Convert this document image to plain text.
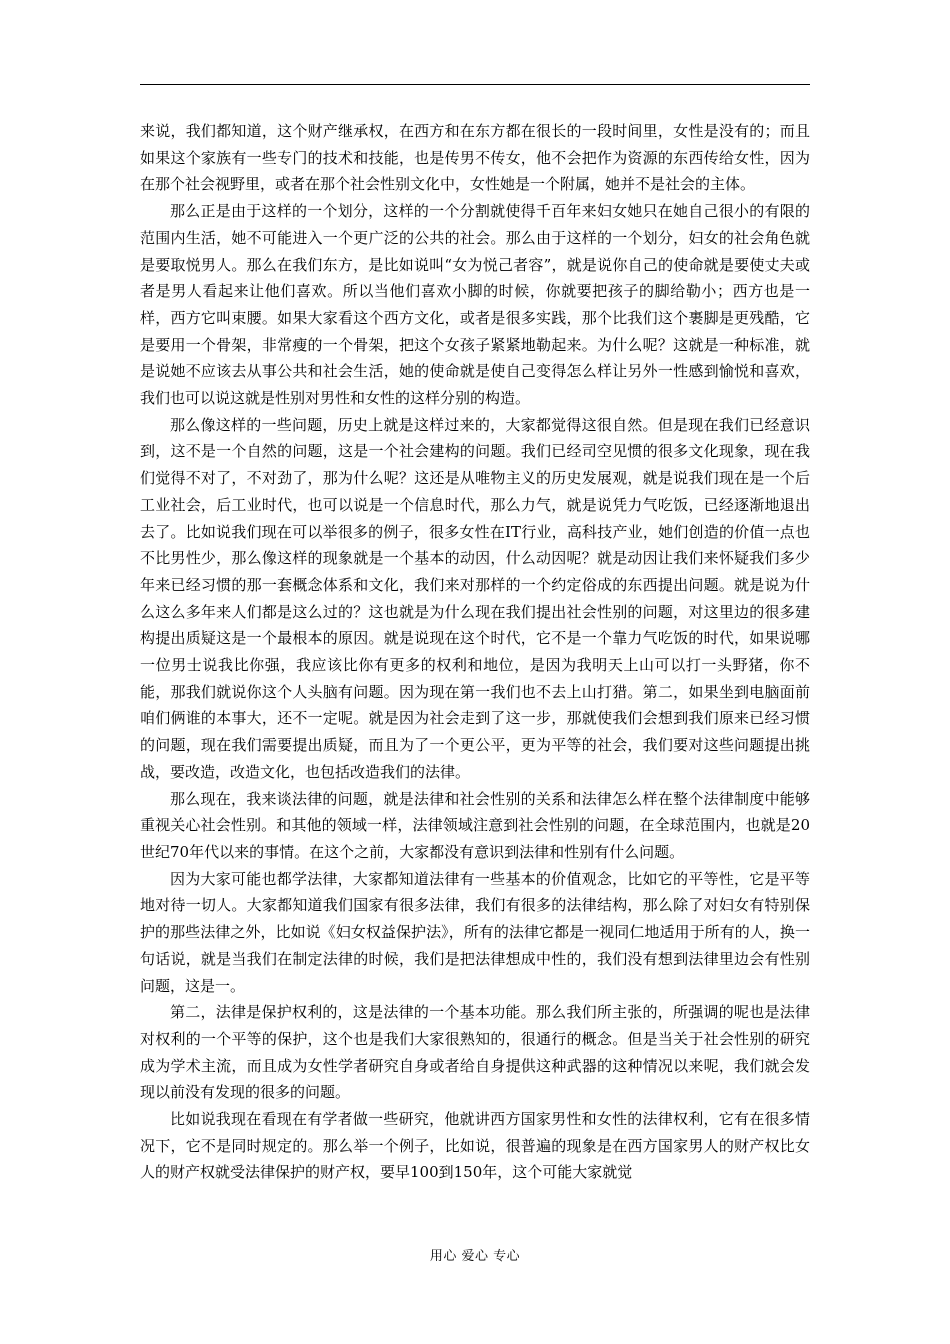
来说，我们都知道，这个财产继承权，在西方和在东方都在很长的一段时间里，女性是没有的；而且如果这个家族有一些专门的技术和技能，也是传男不传女，他不会把作为资源的东西传给女性，因为在那个社会视野里，或者在那个社会性别文化中，女性她是一个附属，她并不是社会的主体。

那么正是由于这样的一个划分，这样的一个分割就使得千百年来妇女她只在她自己很小的有限的范围内生活，她不可能进入一个更广泛的公共的社会。那么由于这样的一个划分，妇女的社会角色就是要取悦男人。那么在我们东方，是比如说叫“女为悦己者容”，就是说你自己的使命就是要使丈夫或者是男人看起来让他们喜欢。所以当他们喜欢小脚的时候，你就要把孩子的脚给勒小；西方也是一样，西方它叫束腰。如果大家看这个西方文化，或者是很多实践，那个比我们这个裹脚是更残酷，它是要用一个骨架，非常瘦的一个骨架，把这个女孩子紧紧地勒起来。为什么呢？这就是一种标准，就是说她不应该去从事公共和社会生活，她的使命就是使自己变得怎么样让另外一性感到愉悦和喜欢，我们也可以说这就是性别对男性和女性的这样分别的构造。

那么像这样的一些问题，历史上就是这样过来的，大家都觉得这很自然。但是现在我们已经意识到，这不是一个自然的问题，这是一个社会建构的问题。我们已经司空见惯的很多文化现象，现在我们觉得不对了，不对劲了，那为什么呢？这还是从唯物主义的历史发展观，就是说我们现在是一个后工业社会，后工业时代，也可以说是一个信息时代，那么力气，就是说凭力气吃饭，已经逐渐地退出去了。比如说我们现在可以举很多的例子，很多女性在IT行业，高科技产业，她们创造的价值一点也不比男性少，那么像这样的现象就是一个基本的动因，什么动因呢？就是动因让我们来怀疑我们多少年来已经习惯的那一套概念体系和文化，我们来对那样的一个约定俗成的东西提出问题。就是说为什么这么多年来人们都是这么过的？这也就是为什么现在我们提出社会性别的问题，对这里边的很多建构提出质疑这是一个最根本的原因。就是说现在这个时代，它不是一个靠力气吃饭的时代，如果说哪一位男士说我比你强，我应该比你有更多的权利和地位，是因为我明天上山可以打一头野猪，你不能，那我们就说你这个人头脑有问题。因为现在第一我们也不去上山打猎。第二，如果坐到电脑面前咱们俩谁的本事大，还不一定呢。就是因为社会走到了这一步，那就使我们会想到我们原来已经习惯的问题，现在我们需要提出质疑，而且为了一个更公平，更为平等的社会，我们要对这些问题提出挑战，要改造，改造文化，也包括改造我们的法律。

那么现在，我来谈法律的问题，就是法律和社会性别的关系和法律怎么样在整个法律制度中能够重视关心社会性别。和其他的领域一样，法律领域注意到社会性别的问题，在全球范围内，也就是20世纪70年代以来的事情。在这个之前，大家都没有意识到法律和性别有什么问题。

因为大家可能也都学法律，大家都知道法律有一些基本的价值观念，比如它的平等性，它是平等地对待一切人。大家都知道我们国家有很多法律，我们有很多的法律结构，那么除了对妇女有特别保护的那些法律之外，比如说《妇女权益保护法》，所有的法律它都是一视同仁地适用于所有的人，换一句话说，就是当我们在制定法律的时候，我们是把法律想成中性的，我们没有想到法律里边会有性别问题，这是一。

第二，法律是保护权利的，这是法律的一个基本功能。那么我们所主张的，所强调的呢也是法律对权利的一个平等的保护，这个也是我们大家很熟知的，很通行的概念。但是当关于社会性别的研究成为学术主流，而且成为女性学者研究自身或者给自身提供这种武器的这种情况以来呢，我们就会发现以前没有发现的很多的问题。

比如说我现在看现在有学者做一些研究，他就讲西方国家男性和女性的法律权利，它有在很多情况下，它不是同时规定的。那么举一个例子，比如说，很普遍的现象是在西方国家男人的财产权比女人的财产权就受法律保护的财产权，要早100到150年，这个可能大家就觉

用心 爱心 专心
